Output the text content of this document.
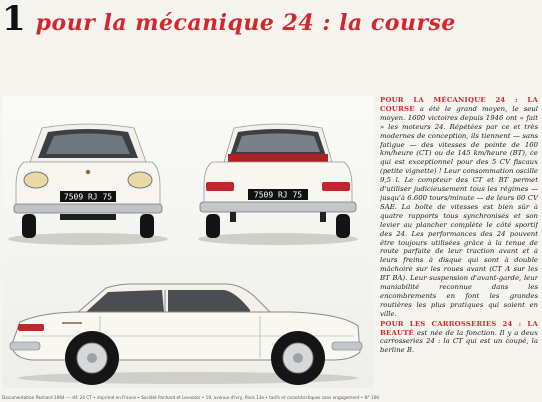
1 pour la mécanique 24 : la course
7509 RJ 75	7509 RJ 75

POUR LA MÉCANIQUE 24 : LA COURSE a été le grand moyen, le seul moyen. 1600 victoires depuis 1946 ont « fait » les moteurs 24. Répétées par ce et très modernes de conception, ils tiennent — sans fatigue — des vitesses de pointe de 160 km/heure (CT) ou de 145 km/heure (BT), ce qui est exceptionnel pour des 5 CV fiscaux (petite vignette) ! Leur consommation oscille 9,5 l. Le compteur des CT et BT permet d'utiliser judicieusement tous les régimes — jusqu'à 6.600 tours/minute — de leurs 60 CV SAE. La boîte de vitesses est bien sûr à quatre rapports tous synchronisés et son levier au plancher complète le côté sportif des 24. Les performances des 24 pouvent être toujours utilisées grâce à la tenue de route parfaite de leur traction avant et à leurs freins à disque qui sont à double mâchoire sur les roues avant (CT A sur les BT BA). Leur suspension d'avant-garde, leur maniabilité reconnue dans les encombrements en font les grandes routières les plus pratiques qui soient en ville.

POUR LES CARROSSERIES 24 : LA BEAUTÉ est née de la fonction. Il y a deux carrosseries 24 : la CT qui est un coupé, la berline B.

Documentation Panhard 1964 — réf. 24 CT • imprimé en France • Société Panhard et Levassor • 19, avenue d'Ivry, Paris 13e • tarifs et caractéristiques sans engagement • N° 100
